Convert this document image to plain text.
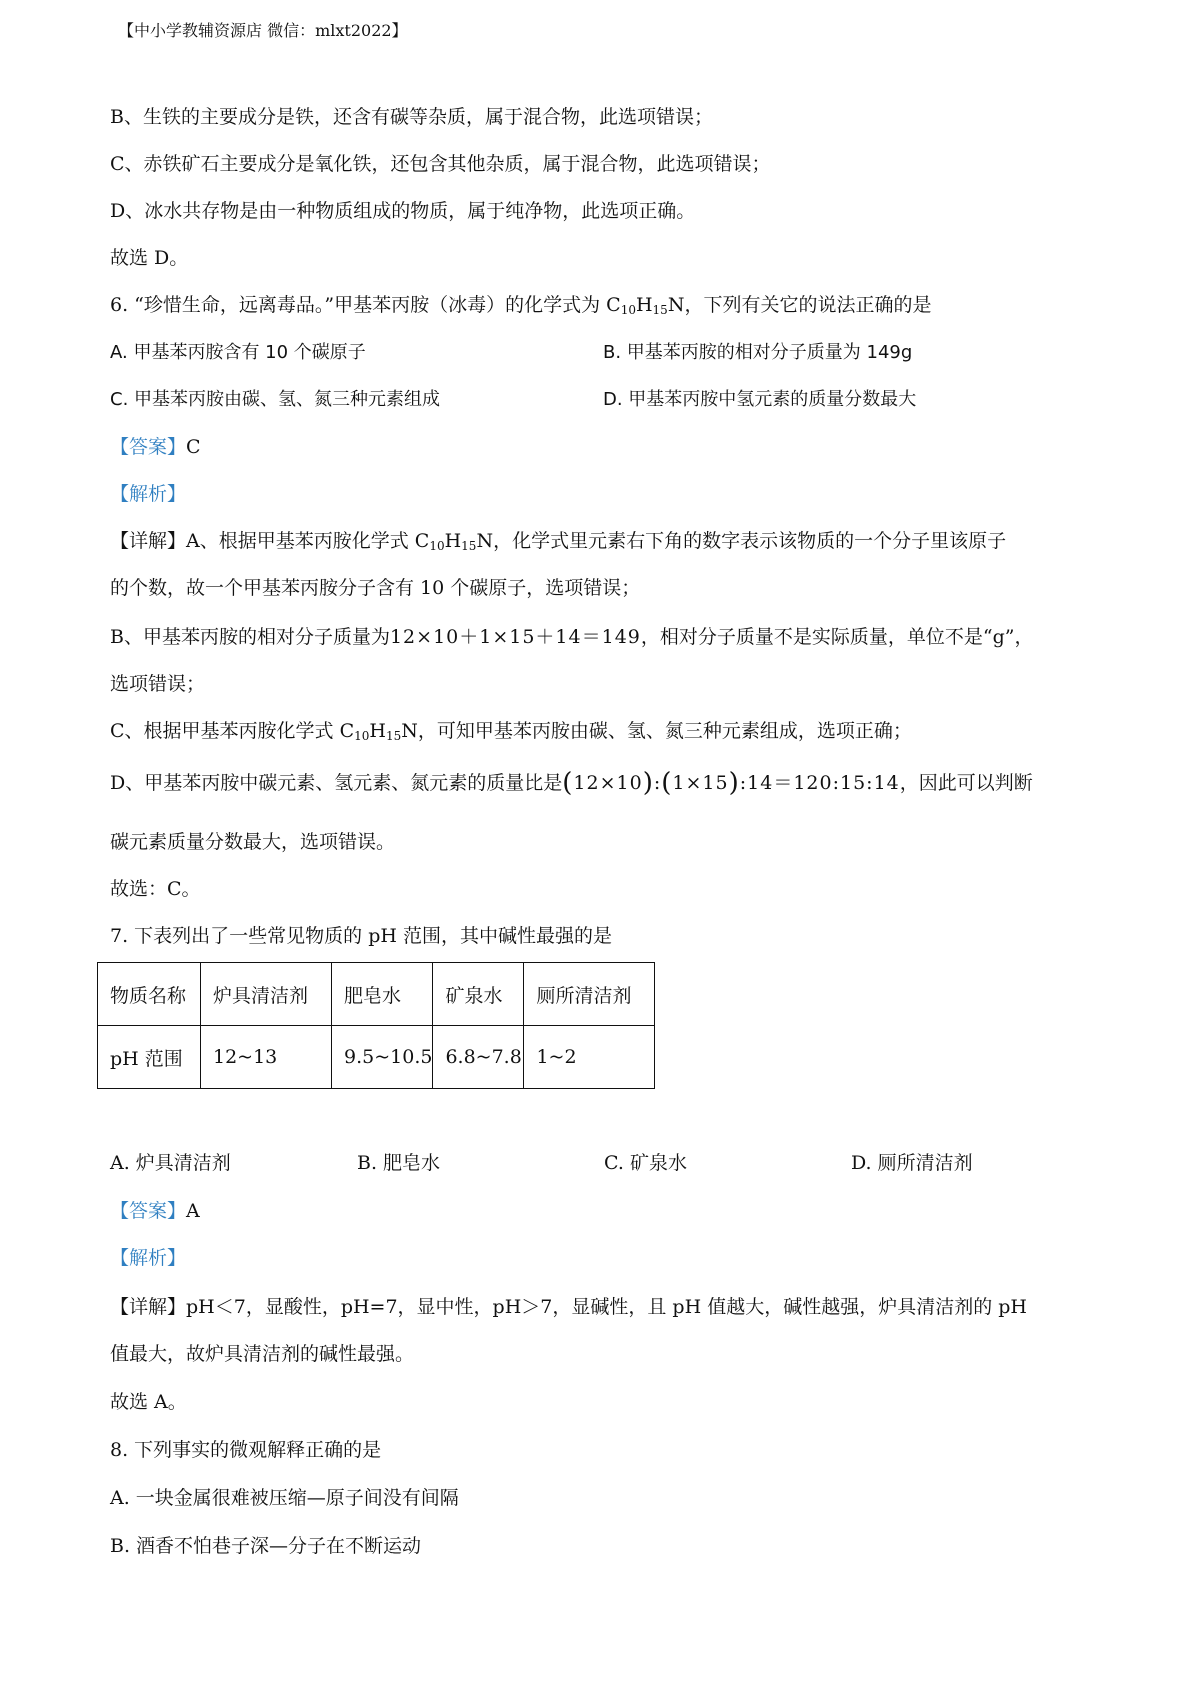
【中小学教辅资源店 微信：mlxt2022】
B、生铁的主要成分是铁，还含有碳等杂质，属于混合物，此选项错误；
C、赤铁矿石主要成分是氧化铁，还包含其他杂质，属于混合物，此选项错误；
D、冰水共存物是由一种物质组成的物质，属于纯净物，此选项正确。
故选 D。
6. “珍惜生命，远离毒品。”甲基苯丙胺（冰毒）的化学式为 $C_{10}H_{15}N$，下列有关它的说法正确的是
A. 甲基苯丙胺含有 10 个碳原子	B. 甲基苯丙胺的相对分子质量为 149g
C. 甲基苯丙胺由碳、氢、氮三种元素组成	D. 甲基苯丙胺中氢元素的质量分数最大
【答案】C
【解析】
【详解】A、根据甲基苯丙胺化学式 $C_{10}H_{15}N$，化学式里元素右下角的数字表示该物质的一个分子里该原子
的个数，故一个甲基苯丙胺分子含有 10 个碳原子，选项错误；
B、甲基苯丙胺的相对分子质量为12×10＋1×15＋14＝149，相对分子质量不是实际质量，单位不是“g”，
选项错误；
C、根据甲基苯丙胺化学式 $C_{10}H_{15}N$，可知甲基苯丙胺由碳、氢、氮三种元素组成，选项正确；
D、甲基苯丙胺中碳元素、氢元素、氮元素的质量比是(12×10):(1×15):14＝120:15:14，因此可以判断
碳元素质量分数最大，选项错误。
故选：C。
7. 下表列出了一些常见物质的 pH 范围，其中碱性最强的是
物质名称	炉具清洁剂	肥皂水	矿泉水	厕所清洁剂
pH 范围	12~13	9.5~10.5	6.8~7.8	1~2
A. 炉具清洁剂	B. 肥皂水	C. 矿泉水	D. 厕所清洁剂
【答案】A
【解析】
【详解】pH＜7，显酸性，pH=7，显中性，pH＞7，显碱性，且 pH 值越大，碱性越强，炉具清洁剂的 pH
值最大，故炉具清洁剂的碱性最强。
故选 A。
8. 下列事实的微观解释正确的是
A. 一块金属很难被压缩—原子间没有间隔
B. 酒香不怕巷子深—分子在不断运动
